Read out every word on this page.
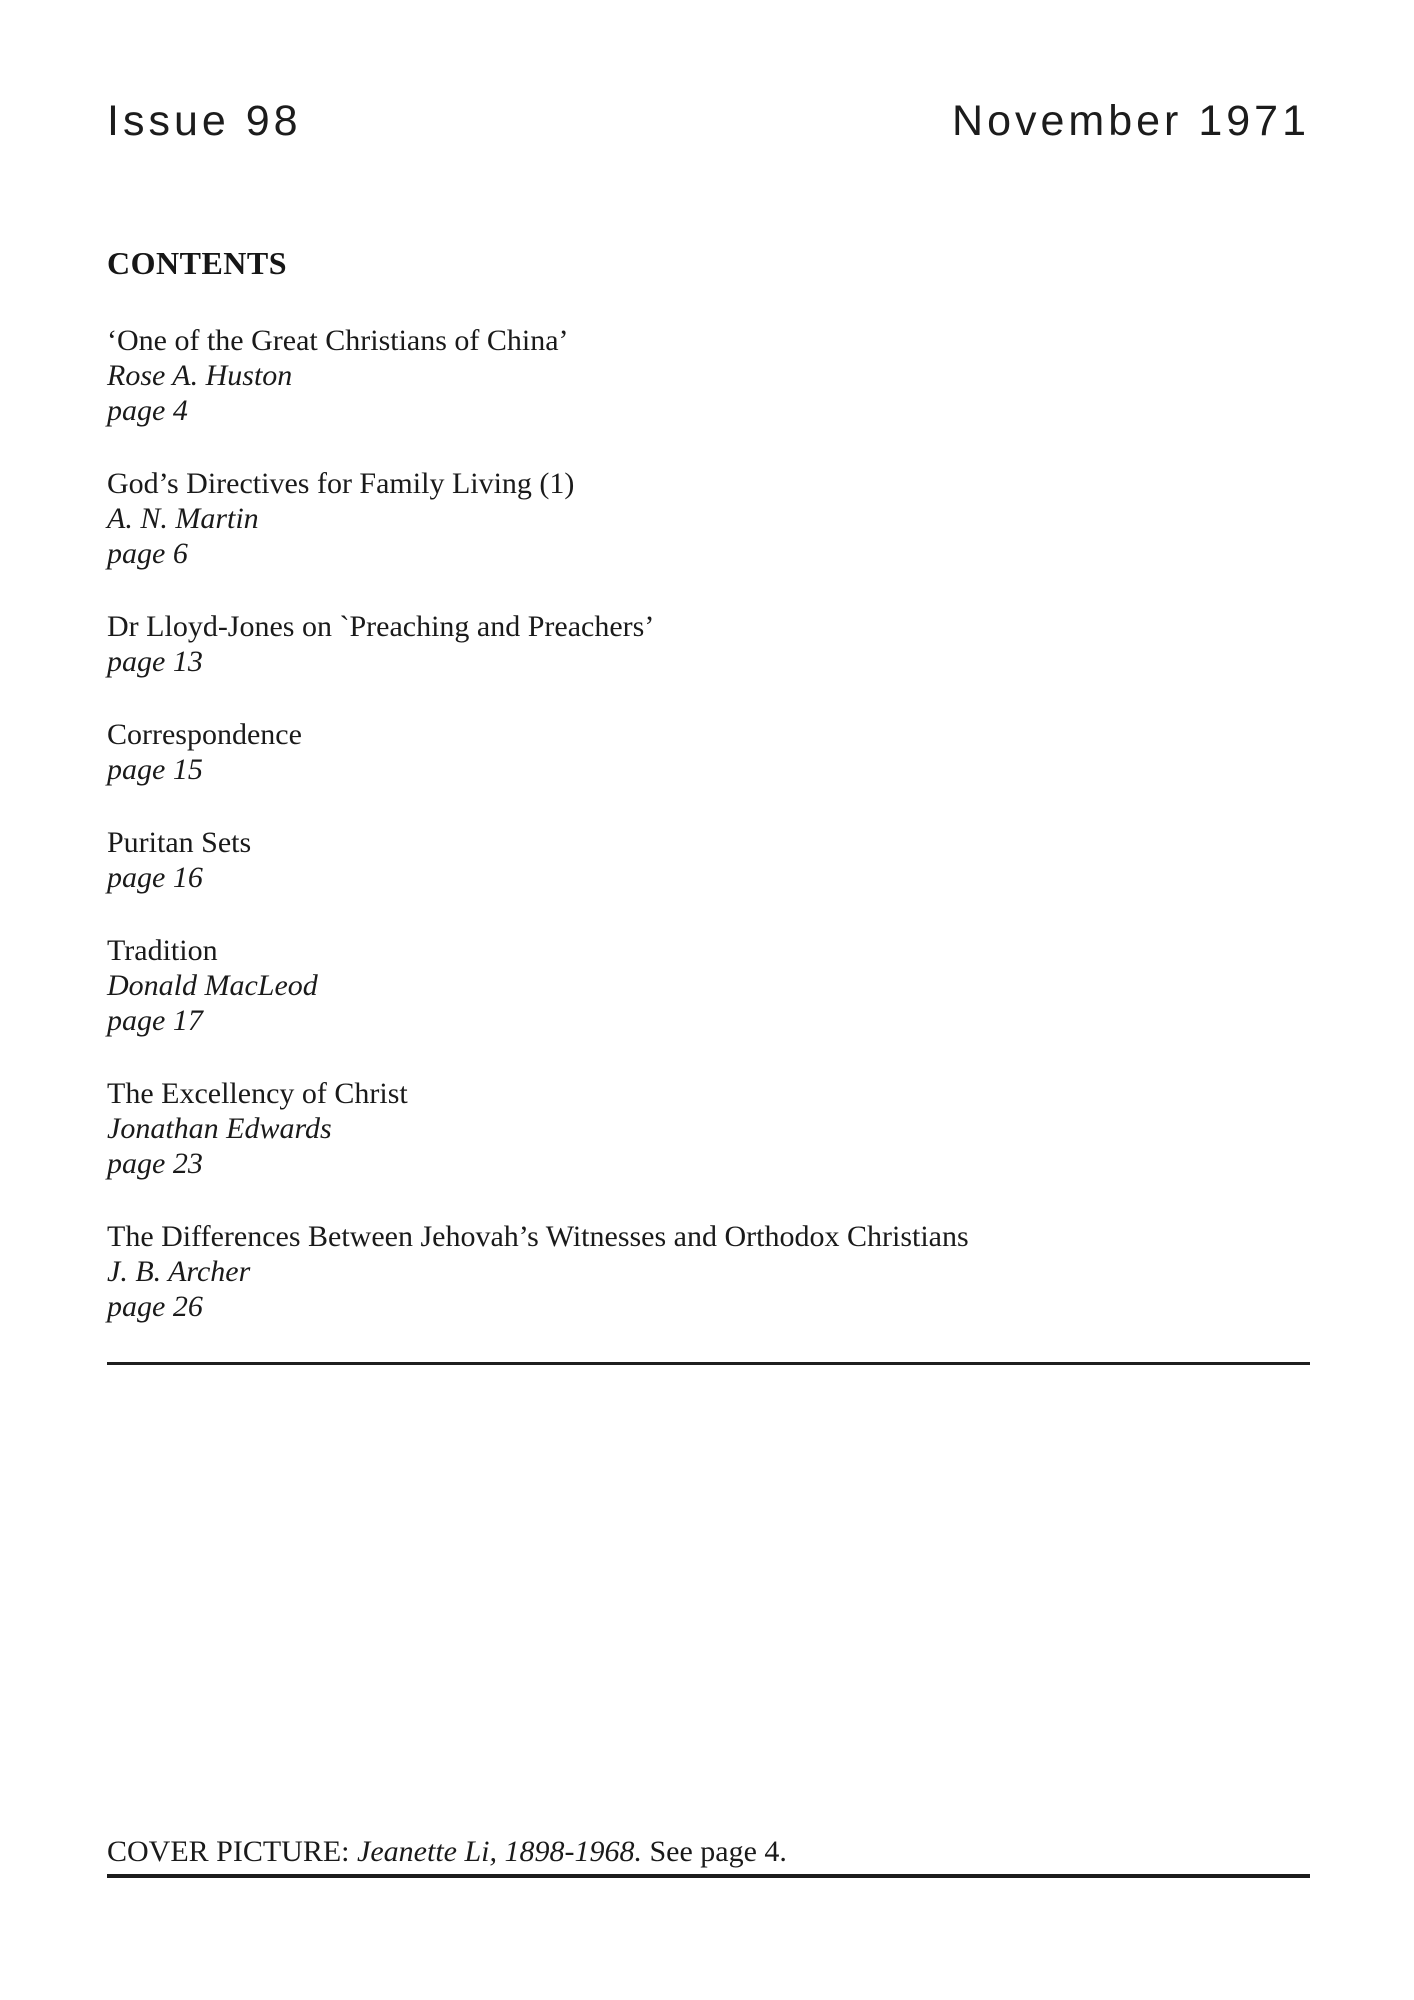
Issue 98	November 1971
CONTENTS
‘One of the Great Christians of China’
Rose A. Huston
page 4
God’s Directives for Family Living (1)
A. N. Martin
page 6
Dr Lloyd-Jones on `Preaching and Preachers’
page 13
Correspondence
page 15
Puritan Sets
page 16
Tradition
Donald MacLeod
page 17
The Excellency of Christ
Jonathan Edwards
page 23
The Differences Between Jehovah’s Witnesses and Orthodox Christians
J. B. Archer
page 26
COVER PICTURE: Jeanette Li, 1898-1968. See page 4.
